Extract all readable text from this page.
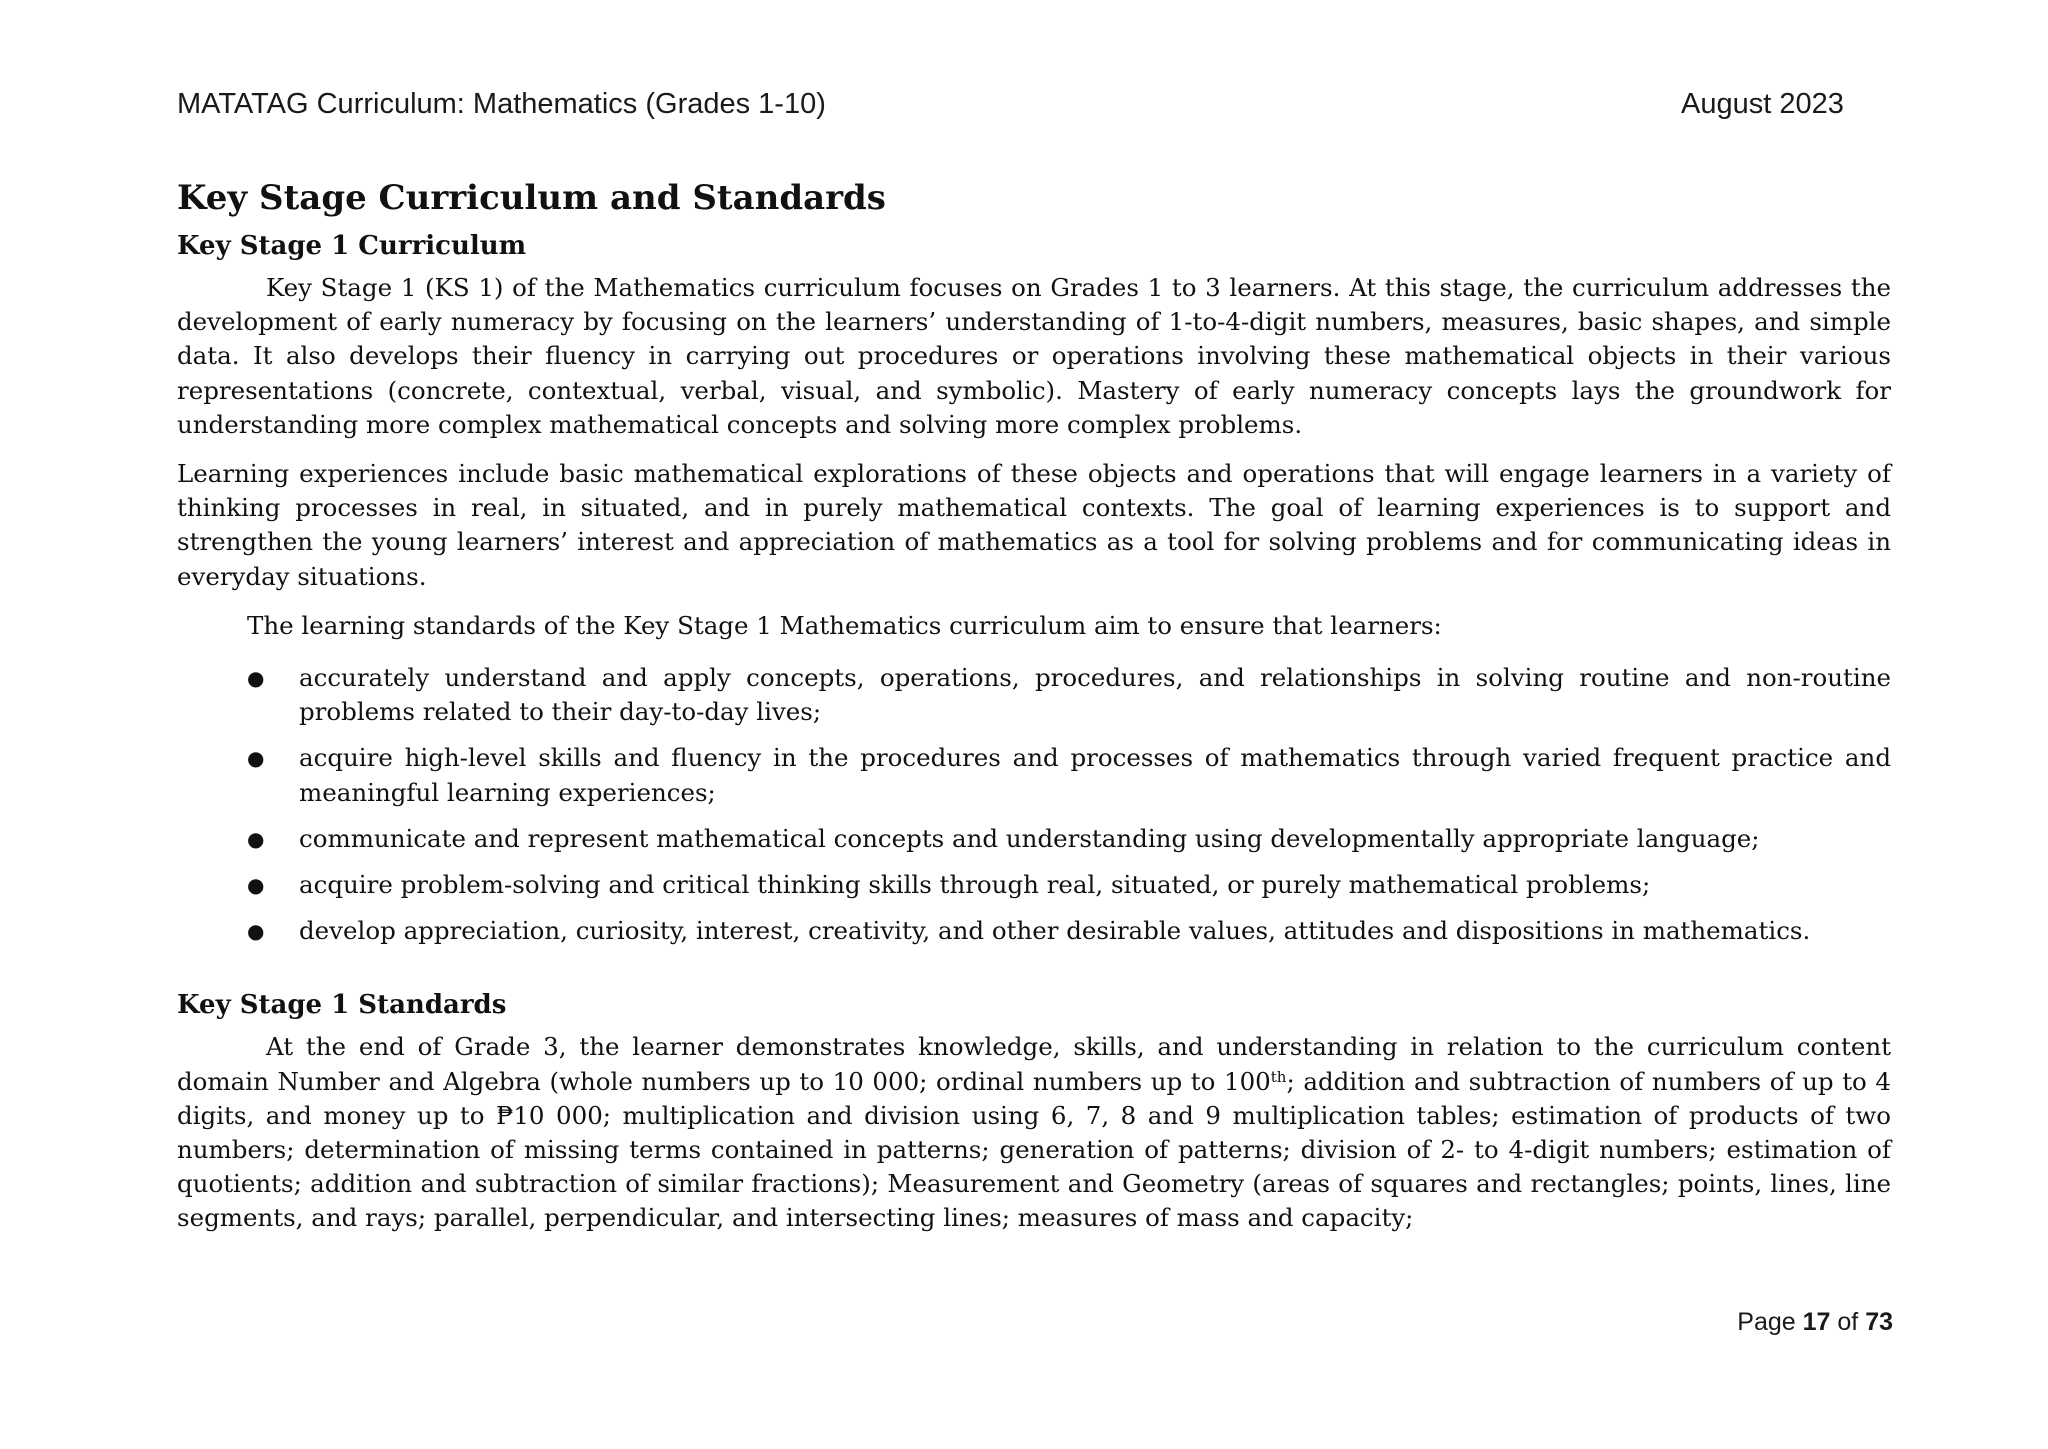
MATATAG Curriculum: Mathematics (Grades 1-10)	August 2023
Key Stage Curriculum and Standards
Key Stage 1 Curriculum

Key Stage 1 (KS 1) of the Mathematics curriculum focuses on Grades 1 to 3 learners. At this stage, the curriculum addresses the development of early numeracy by focusing on the learners’ understanding of 1-to-4-digit numbers, measures, basic shapes, and simple data. It also develops their fluency in carrying out procedures or operations involving these mathematical objects in their various representations (concrete, contextual, verbal, visual, and symbolic). Mastery of early numeracy concepts lays the groundwork for understanding more complex mathematical concepts and solving more complex problems.

Learning experiences include basic mathematical explorations of these objects and operations that will engage learners in a variety of thinking processes in real, in situated, and in purely mathematical contexts. The goal of learning experiences is to support and strengthen the young learners’ interest and appreciation of mathematics as a tool for solving problems and for communicating ideas in everyday situations.

The learning standards of the Key Stage 1 Mathematics curriculum aim to ensure that learners:

● accurately understand and apply concepts, operations, procedures, and relationships in solving routine and non-routine problems related to their day-to-day lives;
● acquire high-level skills and fluency in the procedures and processes of mathematics through varied frequent practice and meaningful learning experiences;
● communicate and represent mathematical concepts and understanding using developmentally appropriate language;
● acquire problem-solving and critical thinking skills through real, situated, or purely mathematical problems;
● develop appreciation, curiosity, interest, creativity, and other desirable values, attitudes and dispositions in mathematics.
Key Stage 1 Standards

At the end of Grade 3, the learner demonstrates knowledge, skills, and understanding in relation to the curriculum content domain Number and Algebra (whole numbers up to 10 000; ordinal numbers up to 100th; addition and subtraction of numbers of up to 4 digits, and money up to ₱10 000; multiplication and division using 6, 7, 8 and 9 multiplication tables; estimation of products of two numbers; determination of missing terms contained in patterns; generation of patterns; division of 2- to 4-digit numbers; estimation of quotients; addition and subtraction of similar fractions); Measurement and Geometry (areas of squares and rectangles; points, lines, line segments, and rays; parallel, perpendicular, and intersecting lines; measures of mass and capacity;

Page 17 of 73
